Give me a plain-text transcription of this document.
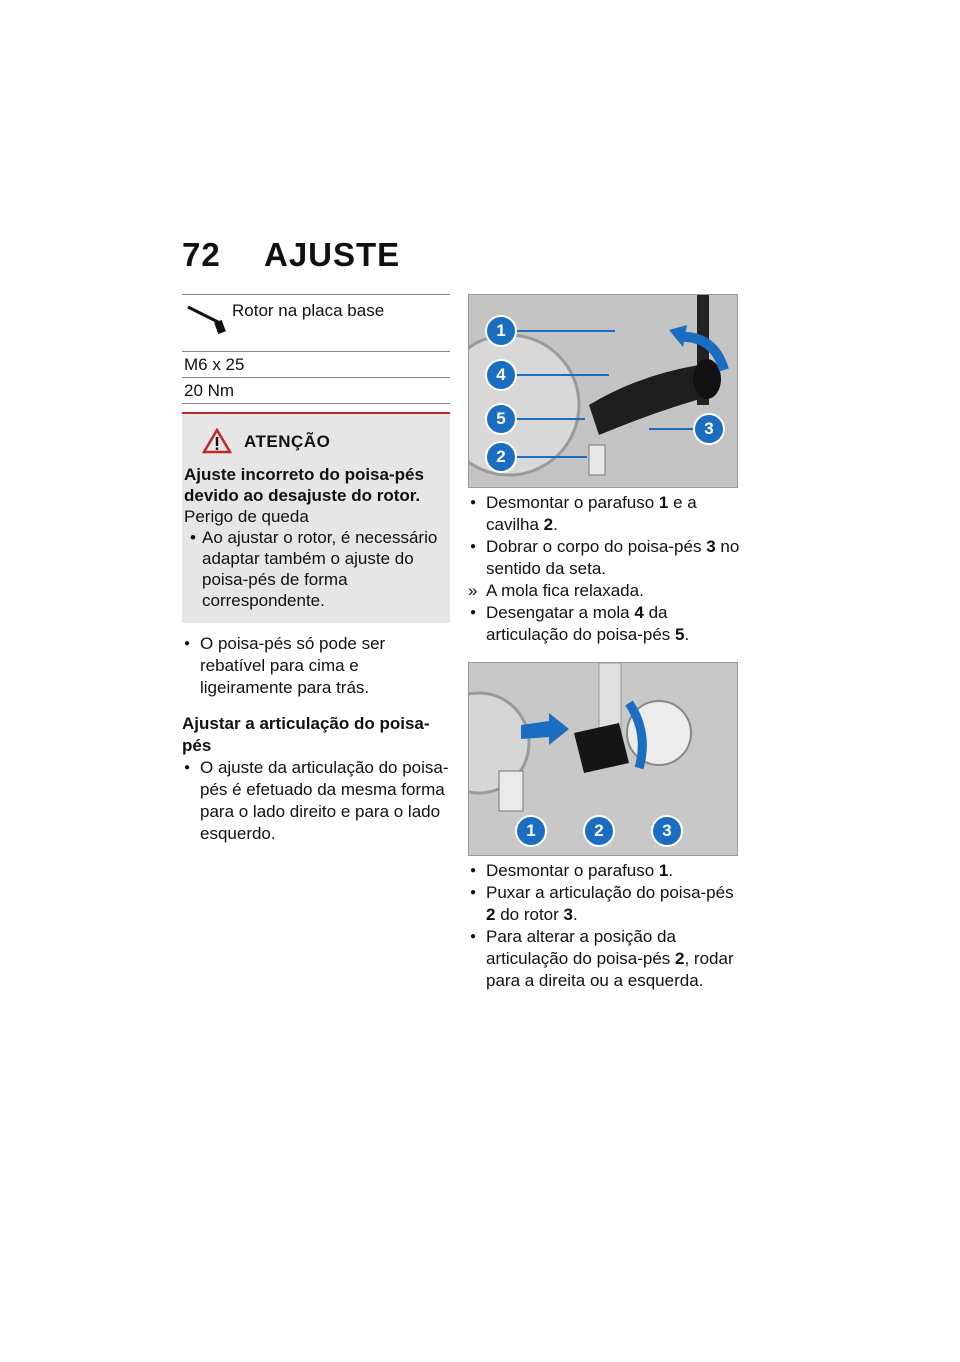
72 AJUSTE
Rotor na placa base
M6 x 25
20 Nm
ATENÇÃO

Ajuste incorreto do poisa-pés devido ao desajuste do rotor.

Perigo de queda

• Ao ajustar o rotor, é necessário adaptar também o ajuste do poisa-pés de forma correspondente.

● O poisa-pés só pode ser rebatível para cima e ligeiramente para trás.

Ajustar a articulação do poisa-pés

● O ajuste da articulação do poisa-pés é efetuado da mesma forma para o lado direito e para o lado esquerdo.

1
4
5
2
3

● Desmontar o parafuso 1 e a cavilha 2.

● Dobrar o corpo do poisa-pés 3 no sentido da seta.

» A mola fica relaxada.

● Desengatar a mola 4 da articulação do poisa-pés 5.

1	2	3

● Desmontar o parafuso 1.

● Puxar a articulação do poisa-pés 2 do rotor 3.

● Para alterar a posição da articulação do poisa-pés 2, rodar para a direita ou a esquerda.
